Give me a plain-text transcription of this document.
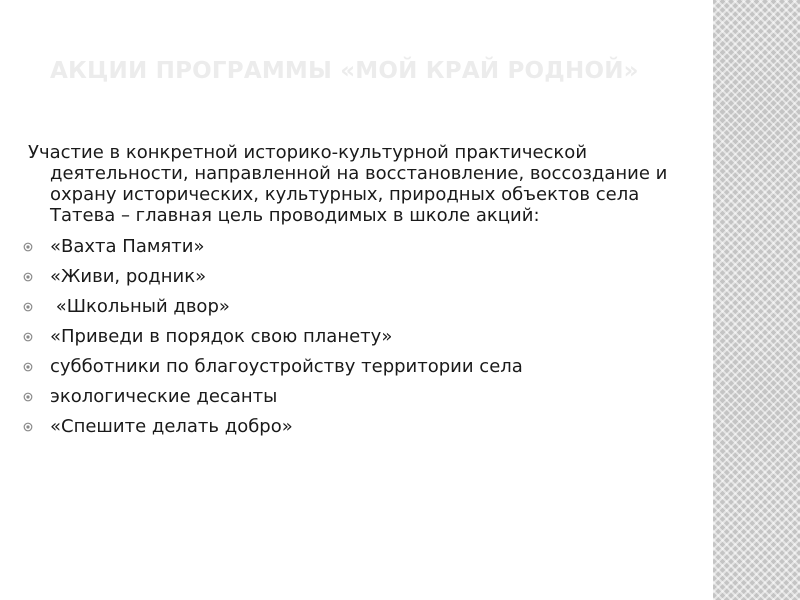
АКЦИИ ПРОГРАММЫ «МОЙ КРАЙ РОДНОЙ»

Участие в конкретной историко-культурной практической деятельности, направленной на восстановление, воссоздание и охрану исторических, культурных, природных объектов села Татева – главная цель проводимых в школе акций:

«Вахта Памяти»
«Живи, родник»
«Школьный двор»
«Приведи в порядок свою планету»
субботники по благоустройству территории села
экологические десанты
«Спешите делать добро»
